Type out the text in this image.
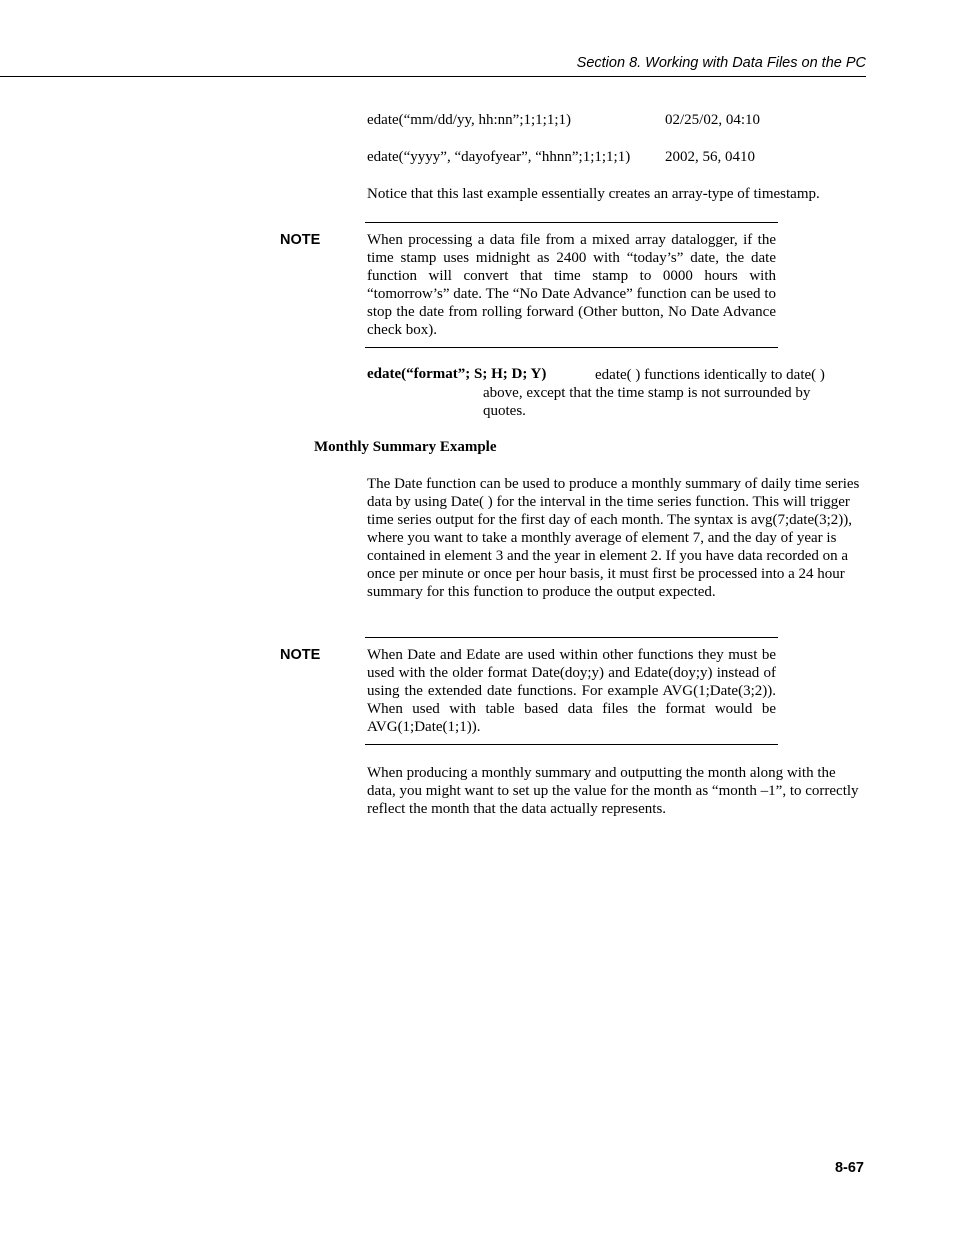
Section 8. Working with Data Files on the PC
edate(“mm/dd/yy, hh:nn”;1;1;1;1)	02/25/02, 04:10
edate(“yyyy”, “dayofyear”, “hhnn”;1;1;1;1) 2002, 56, 0410
Notice that this last example essentially creates an array-type of timestamp.
NOTE	When processing a data file from a mixed array datalogger, if the time stamp uses midnight as 2400 with “today’s” date, the date function will convert that time stamp to 0000 hours with “tomorrow’s” date. The “No Date Advance” function can be used to stop the date from rolling forward (Other button, No Date Advance check box).
edate(“format”; S; H; D; Y)	edate( ) functions identically to date( ) above, except that the time stamp is not surrounded by quotes.
Monthly Summary Example
The Date function can be used to produce a monthly summary of daily time series data by using Date( ) for the interval in the time series function. This will trigger time series output for the first day of each month. The syntax is avg(7;date(3;2)), where you want to take a monthly average of element 7, and the day of year is contained in element 3 and the year in element 2. If you have data recorded on a once per minute or once per hour basis, it must first be processed into a 24 hour summary for this function to produce the output expected.
NOTE	When Date and Edate are used within other functions they must be used with the older format Date(doy;y) and Edate(doy;y) instead of using the extended date functions. For example AVG(1;Date(3;2)). When used with table based data files the format would be AVG(1;Date(1;1)).
When producing a monthly summary and outputting the month along with the data, you might want to set up the value for the month as “month –1”, to correctly reflect the month that the data actually represents.
8-67
